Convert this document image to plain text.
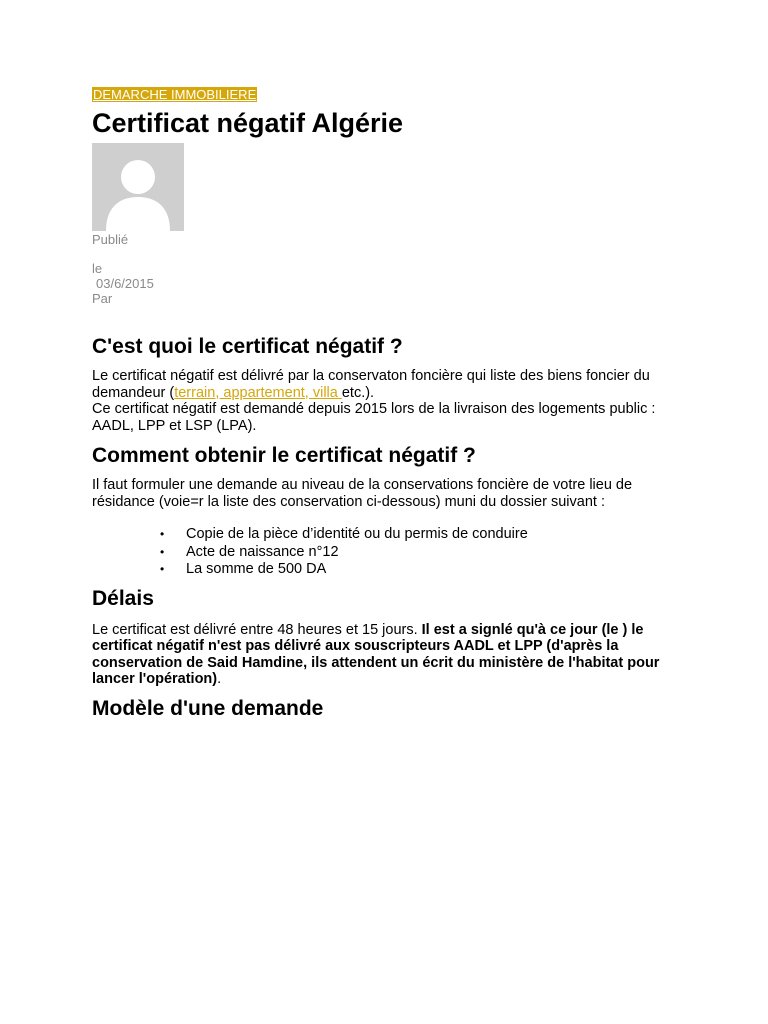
DEMARCHE IMMOBILIERE
Certificat négatif Algérie
Publié
le
03/6/2015
Par
C'est quoi le certificat négatif ?

Le certificat négatif est délivré par la conservaton foncière qui liste des biens foncier du demandeur (terrain, appartement, villa etc.).

Ce certificat négatif est demandé depuis 2015 lors de la livraison des logements public : AADL, LPP et LSP (LPA).

Comment obtenir le certificat négatif ?

Il faut formuler une demande au niveau de la conservations foncière de votre lieu de résidance (voie=r la liste des conservation ci-dessous) muni du dossier suivant :

• Copie de la pièce d’identité ou du permis de conduire
• Acte de naissance n°12
• La somme de 500 DA
Délais

Le certificat est délivré entre 48 heures et 15 jours. Il est a signlé qu'à ce jour (le ) le certificat négatif n'est pas délivré aux souscripteurs AADL et LPP (d'après la conservation de Said Hamdine, ils attendent un écrit du ministère de l'habitat pour lancer l'opération).

Modèle d'une demande
